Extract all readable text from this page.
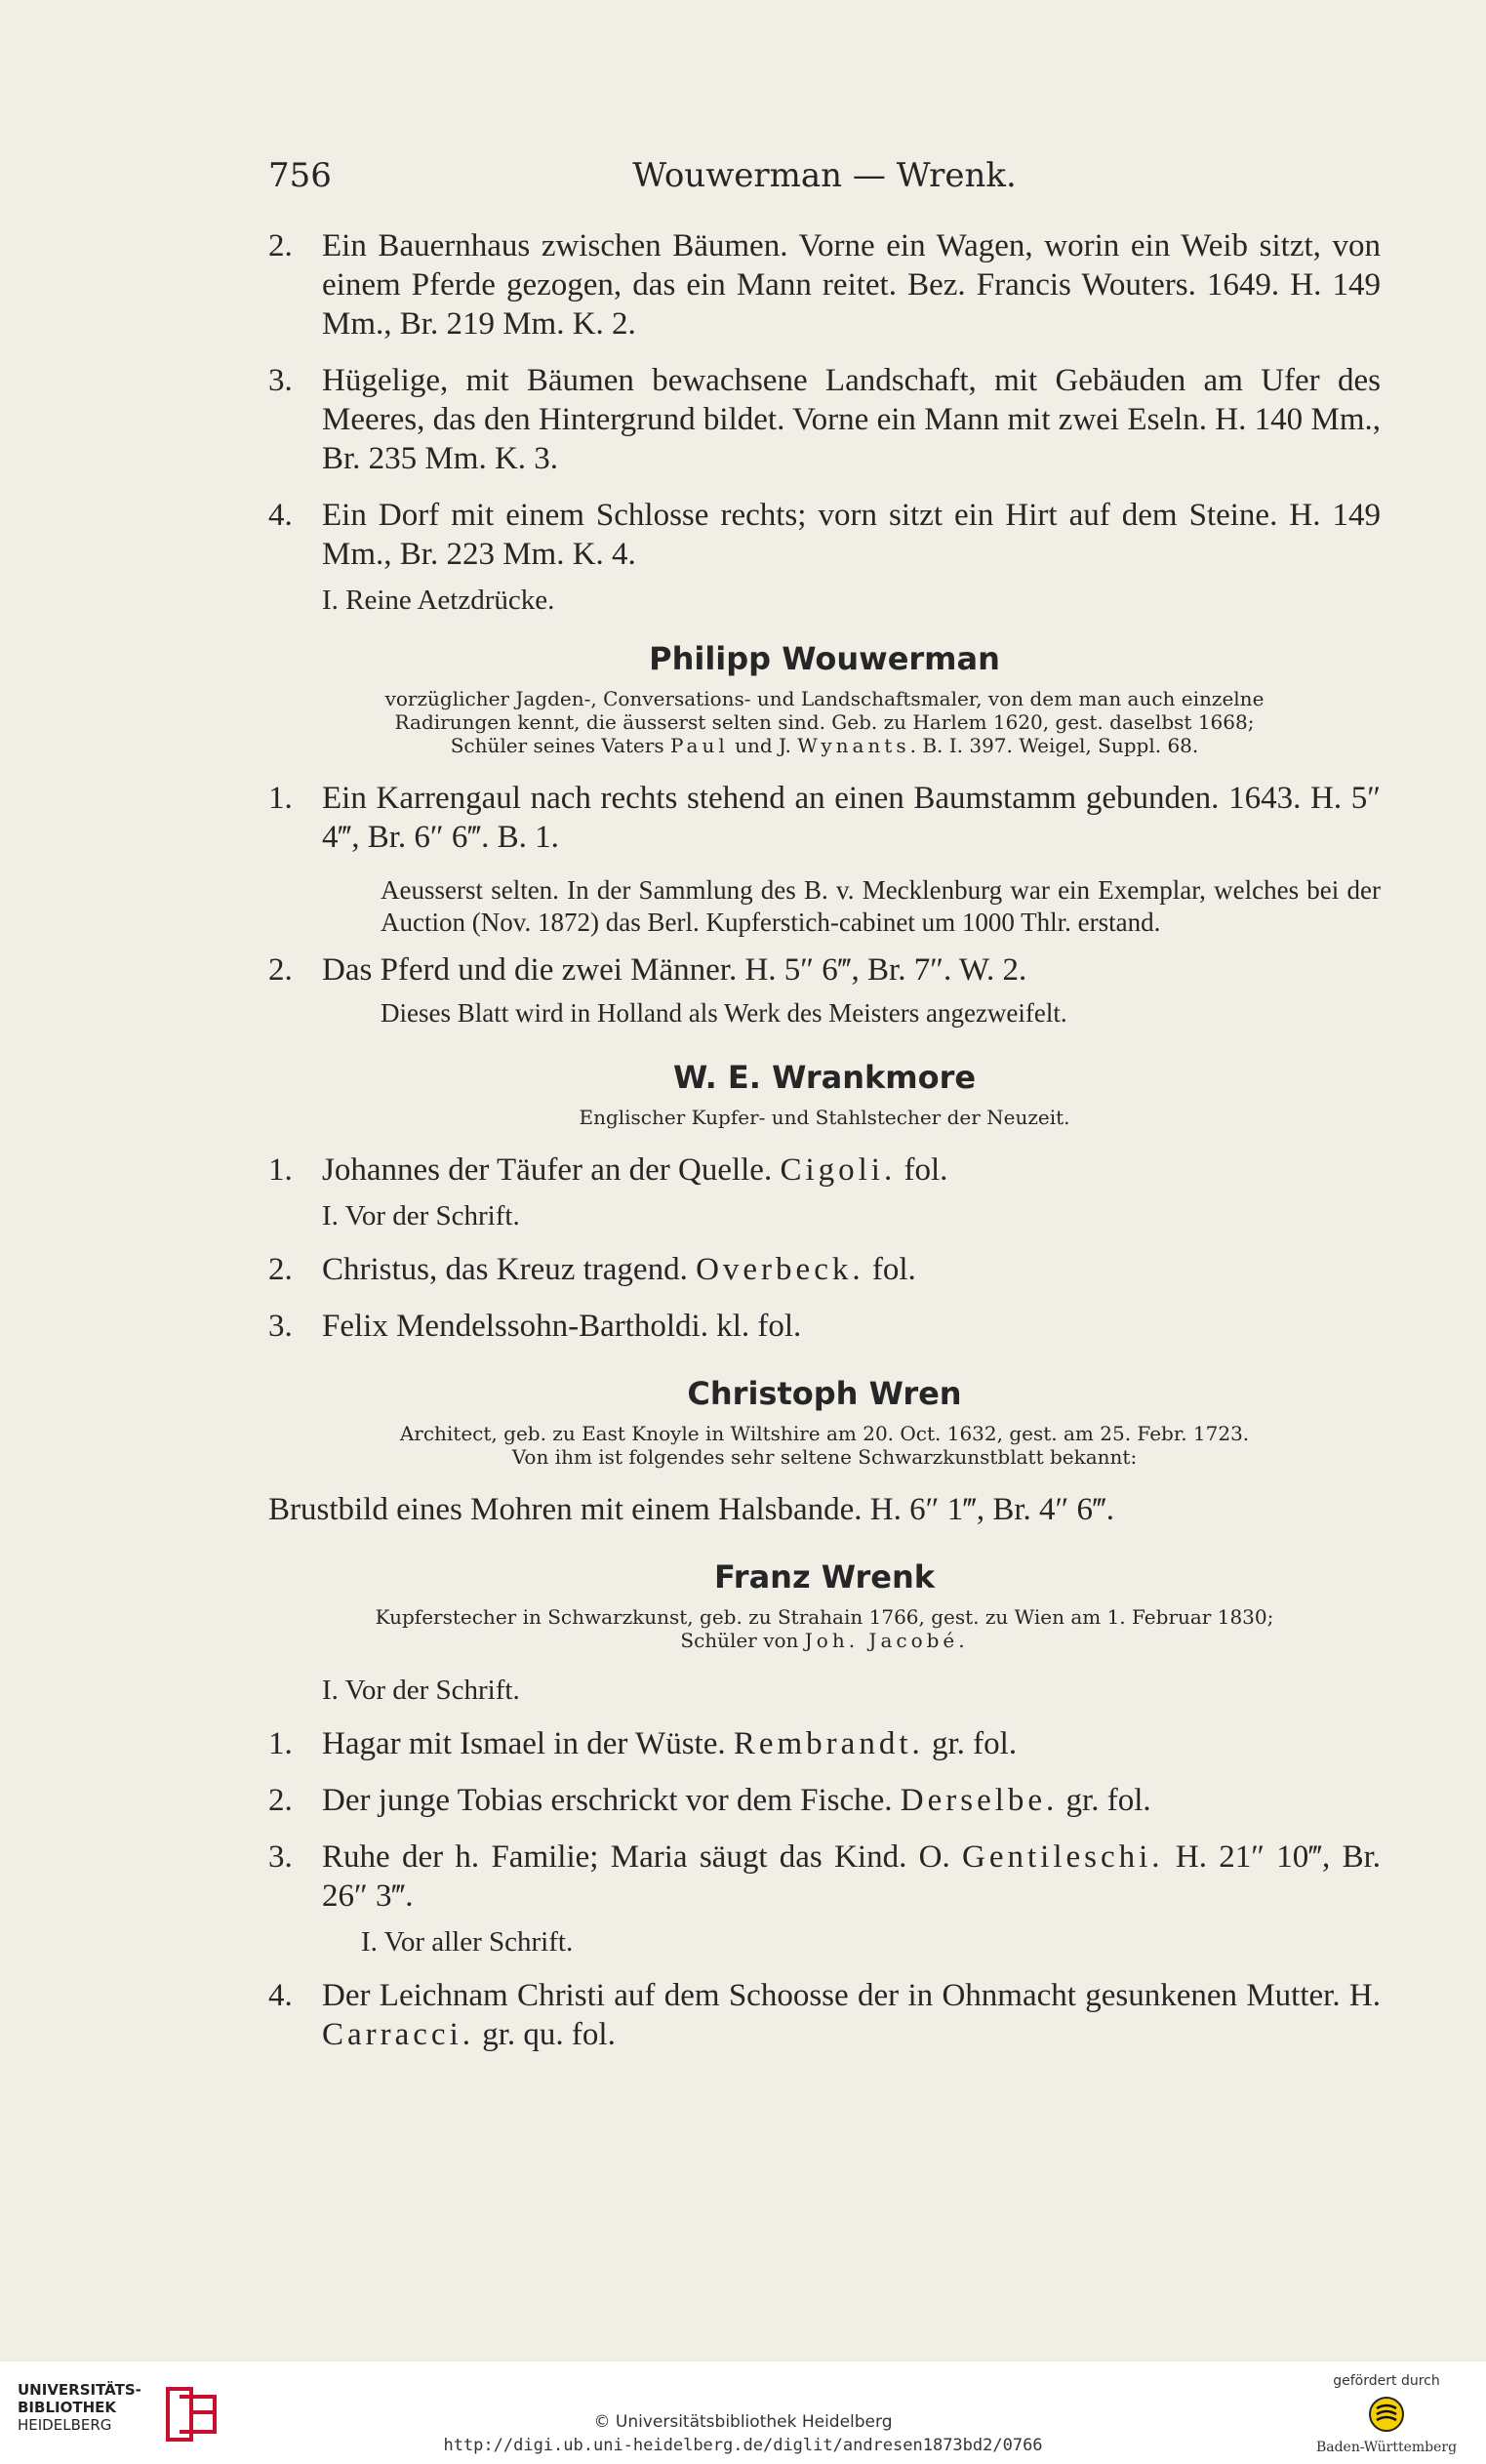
756	Wouwerman — Wrenk.
2. Ein Bauernhaus zwischen Bäumen. Vorne ein Wagen, worin ein Weib sitzt, von einem Pferde gezogen, das ein Mann reitet. Bez. Francis Wouters. 1649. H. 149 Mm., Br. 219 Mm. K. 2.
3. Hügelige, mit Bäumen bewachsene Landschaft, mit Gebäuden am Ufer des Meeres, das den Hintergrund bildet. Vorne ein Mann mit zwei Eseln. H. 140 Mm., Br. 235 Mm. K. 3.
4. Ein Dorf mit einem Schlosse rechts; vorn sitzt ein Hirt auf dem Steine. H. 149 Mm., Br. 223 Mm. K. 4.
I. Reine Aetzdrücke.
Philipp Wouwerman

vorzüglicher Jagden-, Conversations- und Landschaftsmaler, von dem man auch einzelne

Radirungen kennt, die äusserst selten sind. Geb. zu Harlem 1620, gest. daselbst 1668;

Schüler seines Vaters Paul und J. Wynants. B. I. 397. Weigel, Suppl. 68.

1. Ein Karrengaul nach rechts stehend an einen Baumstamm gebunden. 1643. H. 5″ 4‴, Br. 6″ 6‴. B. 1.
Aeusserst selten. In der Sammlung des B. v. Mecklenburg war ein Exemplar, welches bei der Auction (Nov. 1872) das Berl. Kupferstich-cabinet um 1000 Thlr. erstand.
2. Das Pferd und die zwei Männer. H. 5″ 6‴, Br. 7″. W. 2.
Dieses Blatt wird in Holland als Werk des Meisters angezweifelt.
W. E. Wrankmore

Englischer Kupfer- und Stahlstecher der Neuzeit.

1. Johannes der Täufer an der Quelle. Cigoli. fol.
I. Vor der Schrift.
2. Christus, das Kreuz tragend. Overbeck. fol.
3. Felix Mendelssohn-Bartholdi. kl. fol.
Christoph Wren

Architect, geb. zu East Knoyle in Wiltshire am 20. Oct. 1632, gest. am 25. Febr. 1723.

Von ihm ist folgendes sehr seltene Schwarzkunstblatt bekannt:

Brustbild eines Mohren mit einem Halsbande. H. 6″ 1‴, Br. 4″ 6‴.
Franz Wrenk

Kupferstecher in Schwarzkunst, geb. zu Strahain 1766, gest. zu Wien am 1. Februar 1830;

Schüler von Joh. Jacobé.

I. Vor der Schrift.
1. Hagar mit Ismael in der Wüste. Rembrandt. gr. fol.
2. Der junge Tobias erschrickt vor dem Fische. Derselbe. gr. fol.
3. Ruhe der h. Familie; Maria säugt das Kind. O. Gentileschi. H. 21″ 10‴, Br. 26″ 3‴.
I. Vor aller Schrift.
4. Der Leichnam Christi auf dem Schoosse der in Ohnmacht gesunkenen Mutter. H. Carracci. gr. qu. fol.
UNIVERSITÄTS-
BIBLIOTHEK
HEIDELBERG	© Universitätsbibliothek Heidelberg
http://digi.ub.uni-heidelberg.de/diglit/andresen1873bd2/0766
gefördert durch
Baden-Württemberg
